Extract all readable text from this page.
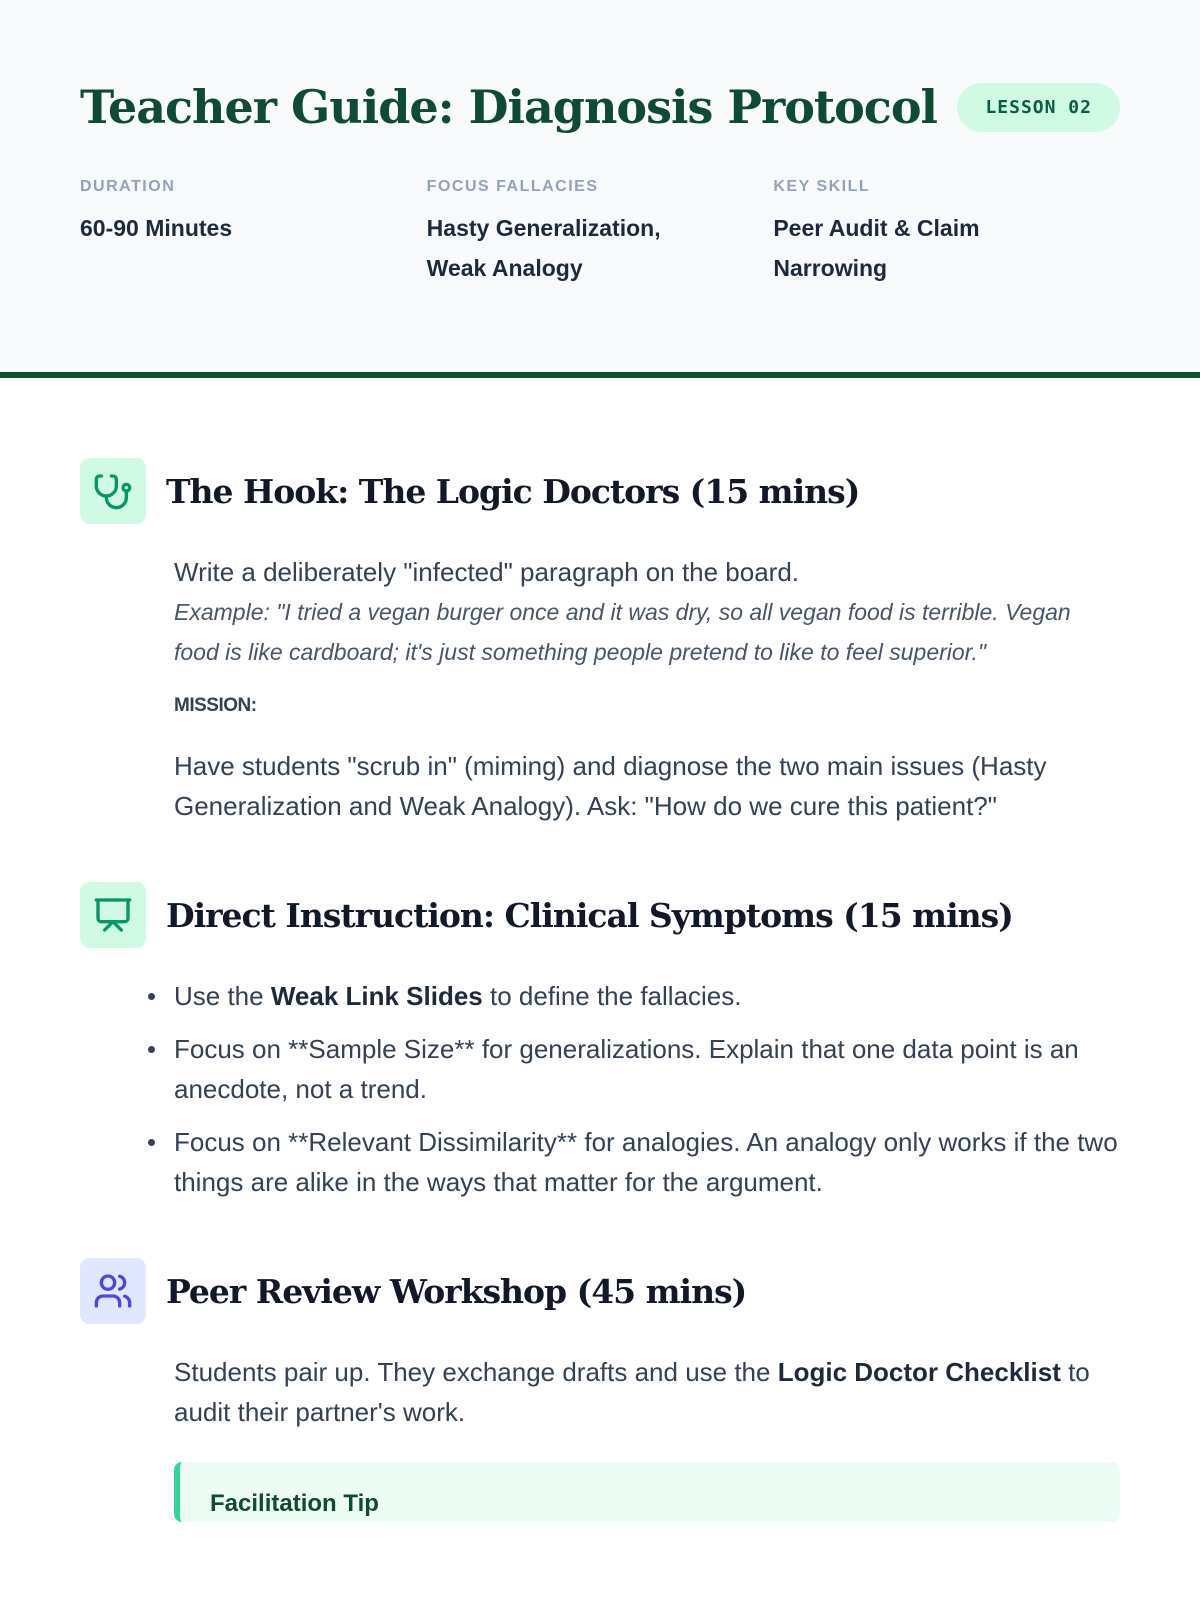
Teacher Guide: Diagnosis Protocol	LESSON 02
DURATION
60-90 Minutes
FOCUS FALLACIES
Hasty Generalization, Weak Analogy
KEY SKILL
Peer Audit & Claim Narrowing
The Hook: The Logic Doctors (15 mins)

Write a deliberately "infected" paragraph on the board.

Example: "I tried a vegan burger once and it was dry, so all vegan food is terrible. Vegan food is like cardboard; it's just something people pretend to like to feel superior."

MISSION:

Have students "scrub in" (miming) and diagnose the two main issues (Hasty Generalization and Weak Analogy). Ask: "How do we cure this patient?"

Direct Instruction: Clinical Symptoms (15 mins)
Use the Weak Link Slides to define the fallacies.
Focus on **Sample Size** for generalizations. Explain that one data point is an anecdote, not a trend.
Focus on **Relevant Dissimilarity** for analogies. An analogy only works if the two things are alike in the ways that matter for the argument.
Peer Review Workshop (45 mins)

Students pair up. They exchange drafts and use the Logic Doctor Checklist to audit their partner's work.

Facilitation Tip
